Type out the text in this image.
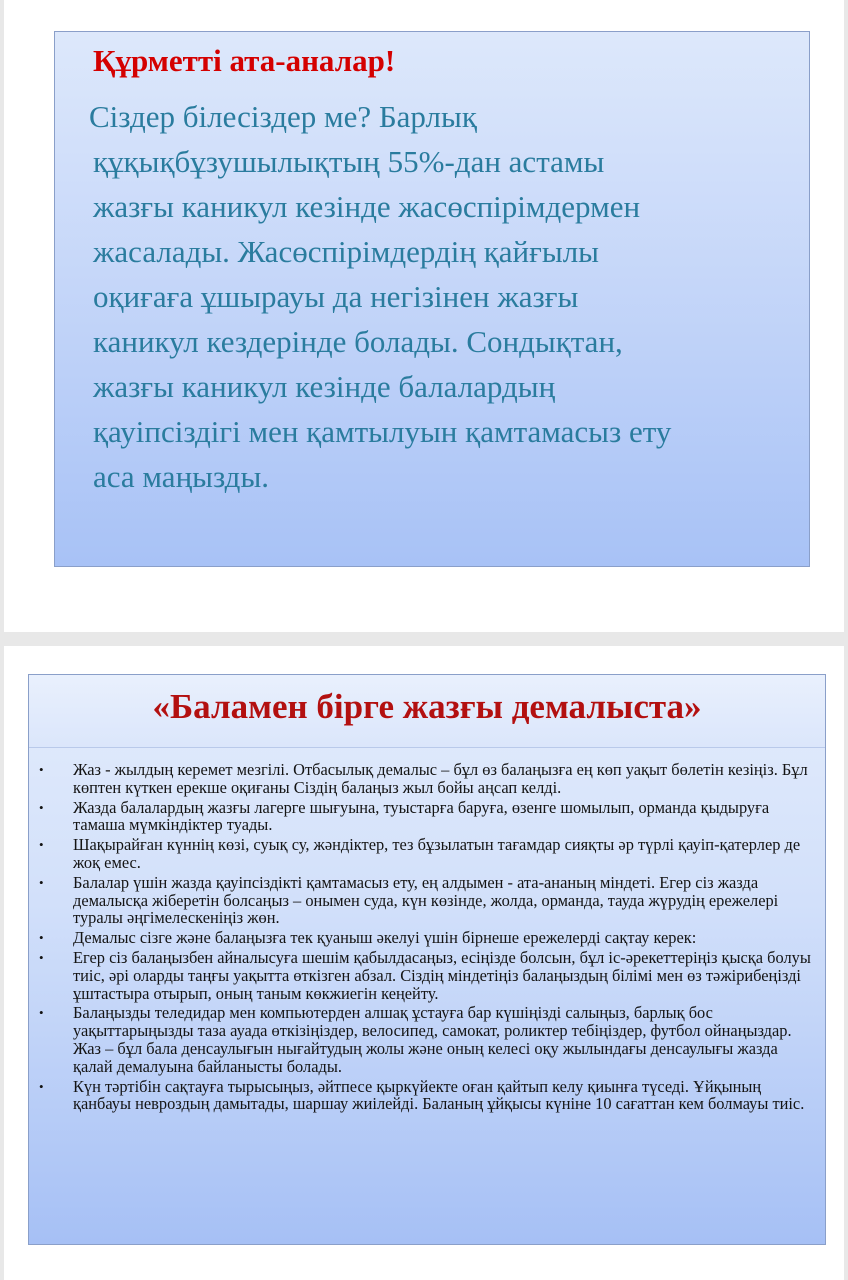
Құрметті ата-аналар!

Сіздер білесіздер ме? Барлық
құқықбұзушылықтың 55%-дан астамы
жазғы каникул кезінде жасөспірімдермен
жасалады. Жасөспірімдердің қайғылы
оқиғаға ұшырауы да негізінен жазғы
каникул кездерінде болады. Сондықтан,
жазғы каникул кезінде балалардың
қауіпсіздігі мен қамтылуын қамтамасыз ету
аса маңызды.

«Баламен бірге жазғы демалыста»
• Жаз - жылдың керемет мезгілі. Отбасылық демалыс – бұл өз балаңызға ең көп уақыт бөлетін кезіңіз. Бұл көптен күткен ерекше оқиғаны Сіздің балаңыз жыл бойы аңсап келді.
• Жазда балалардың жазғы лагерге шығуына, туыстарға баруға, өзенге шомылып, орманда қыдыруға тамаша мүмкіндіктер туады.
• Шақырайған күннің көзі, суық су, жәндіктер, тез бұзылатын тағамдар сияқты әр түрлі қауіп-қатерлер де жоқ емес.
• Балалар үшін жазда қауіпсіздікті қамтамасыз ету, ең алдымен - ата-ананың міндеті. Егер сіз жазда демалысқа жіберетін болсаңыз – онымен суда, күн көзінде, жолда, орманда, тауда жүрудің ережелері туралы әңгімелескеніңіз жөн.
• Демалыс сізге және балаңызға тек қуаныш әкелуі үшін бірнеше ережелерді сақтау керек:
• Егер сіз балаңызбен айналысуға шешім қабылдасаңыз, есіңізде болсын, бұл іс-әрекеттеріңіз қысқа болуы тиіс, әрі оларды таңғы уақытта өткізген абзал. Сіздің міндетіңіз балаңыздың білімі мен өз тәжірибеңізді ұштастыра отырып, оның таным көкжиегін кеңейту.
• Балаңызды теледидар мен компьютерден алшақ ұстауға бар күшіңізді салыңыз, барлық бос уақыттарыңызды таза ауада өткізіңіздер, велосипед, самокат, роликтер тебіңіздер, футбол ойнаңыздар. Жаз – бұл бала денсаулығын нығайтудың жолы және оның келесі оқу жылындағы денсаулығы жазда қалай демалуына байланысты болады.
• Күн тәртібін сақтауға тырысыңыз, әйтпесе қыркүйекте оған қайтып келу қиынға түседі. Ұйқының қанбауы невроздың дамытады, шаршау жиілейді. Баланың ұйқысы күніне 10 сағаттан кем болмауы тиіс.
